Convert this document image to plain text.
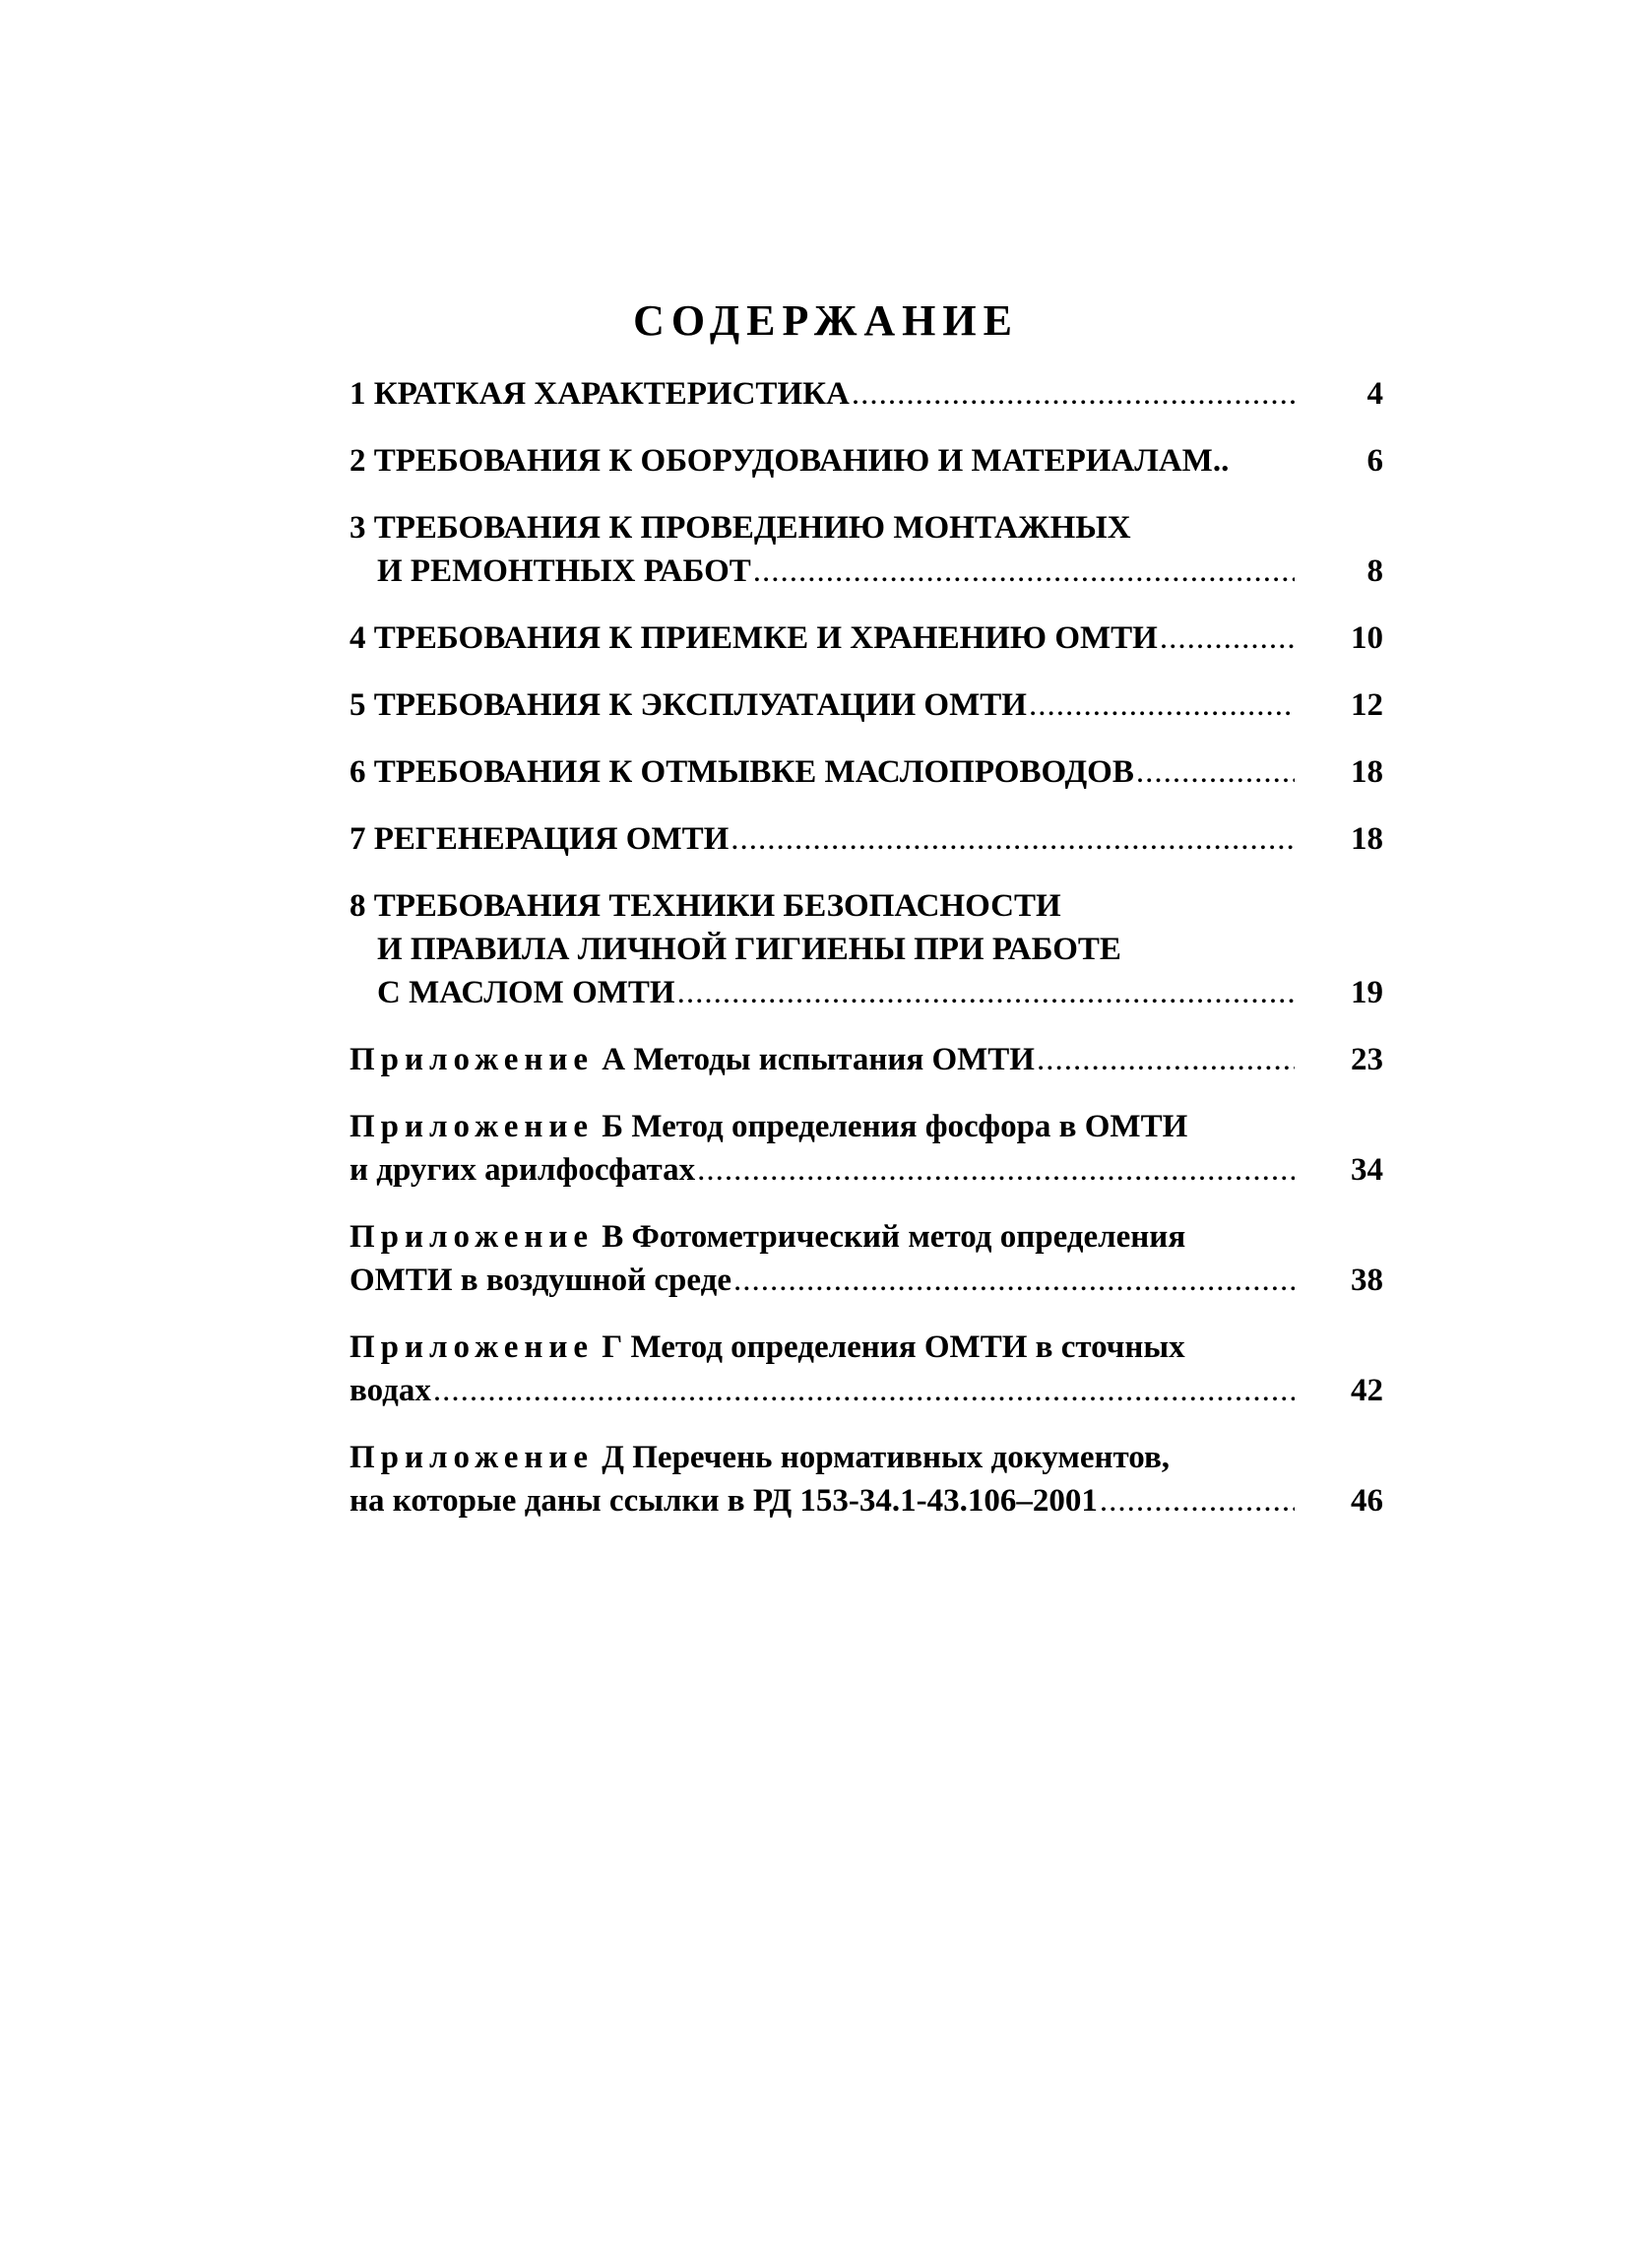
СОДЕРЖАНИЕ
1 КРАТКАЯ ХАРАКТЕРИСТИКА .....	4
2 ТРЕБОВАНИЯ К ОБОРУДОВАНИЮ И МАТЕРИАЛАМ..	6
3 ТРЕБОВАНИЯ К ПРОВЕДЕНИЮ МОНТАЖНЫХ
И РЕМОНТНЫХ РАБОТ .....	8
4 ТРЕБОВАНИЯ К ПРИЕМКЕ И ХРАНЕНИЮ ОМТИ .....	10
5 ТРЕБОВАНИЯ К ЭКСПЛУАТАЦИИ ОМТИ .....	12
6 ТРЕБОВАНИЯ К ОТМЫВКЕ МАСЛОПРОВОДОВ .....	18
7 РЕГЕНЕРАЦИЯ ОМТИ .....	18
8 ТРЕБОВАНИЯ ТЕХНИКИ БЕЗОПАСНОСТИ
И ПРАВИЛА ЛИЧНОЙ ГИГИЕНЫ ПРИ РАБОТЕ
С МАСЛОМ ОМТИ .....	19
Приложение А Методы испытания ОМТИ .....	23
Приложение Б Метод определения фосфора в ОМТИ
и других арилфосфатах .....	34
Приложение В Фотометрический метод определения
ОМТИ в воздушной среде .....	38
Приложение Г Метод определения ОМТИ в сточных
водах .....	42
Приложение Д Перечень нормативных документов,
на которые даны ссылки в РД 153-34.1-43.106–2001 .....	46
